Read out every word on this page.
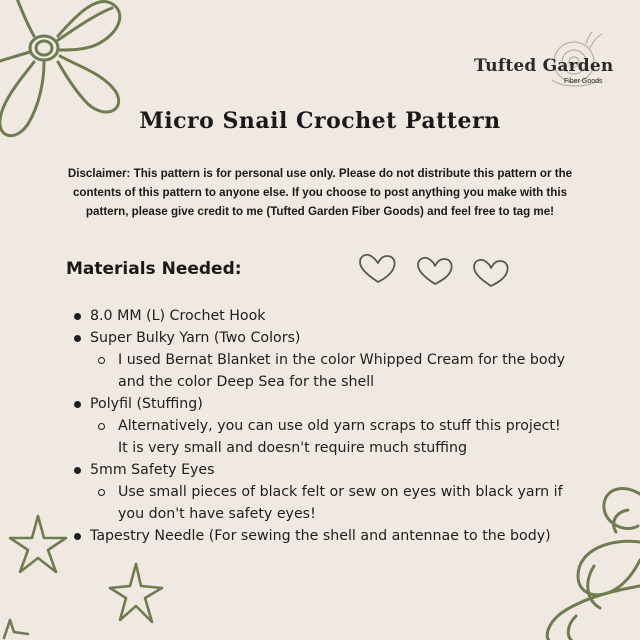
Tufted Garden
Fiber Goods
Micro Snail Crochet Pattern

Disclaimer: This pattern is for personal use only. Please do not distribute this pattern or the contents of this pattern to anyone else. If you choose to post anything you make with this pattern, please give credit to me (Tufted Garden Fiber Goods) and feel free to tag me!

Materials Needed:
8.0 MM (L) Crochet Hook
Super Bulky Yarn (Two Colors)
I used Bernat Blanket in the color Whipped Cream for the body and the color Deep Sea for the shell
Polyfil (Stuffing)
Alternatively, you can use old yarn scraps to stuff this project! It is very small and doesn't require much stuffing
5mm Safety Eyes
Use small pieces of black felt or sew on eyes with black yarn if you don't have safety eyes!
Tapestry Needle (For sewing the shell and antennae to the body)
